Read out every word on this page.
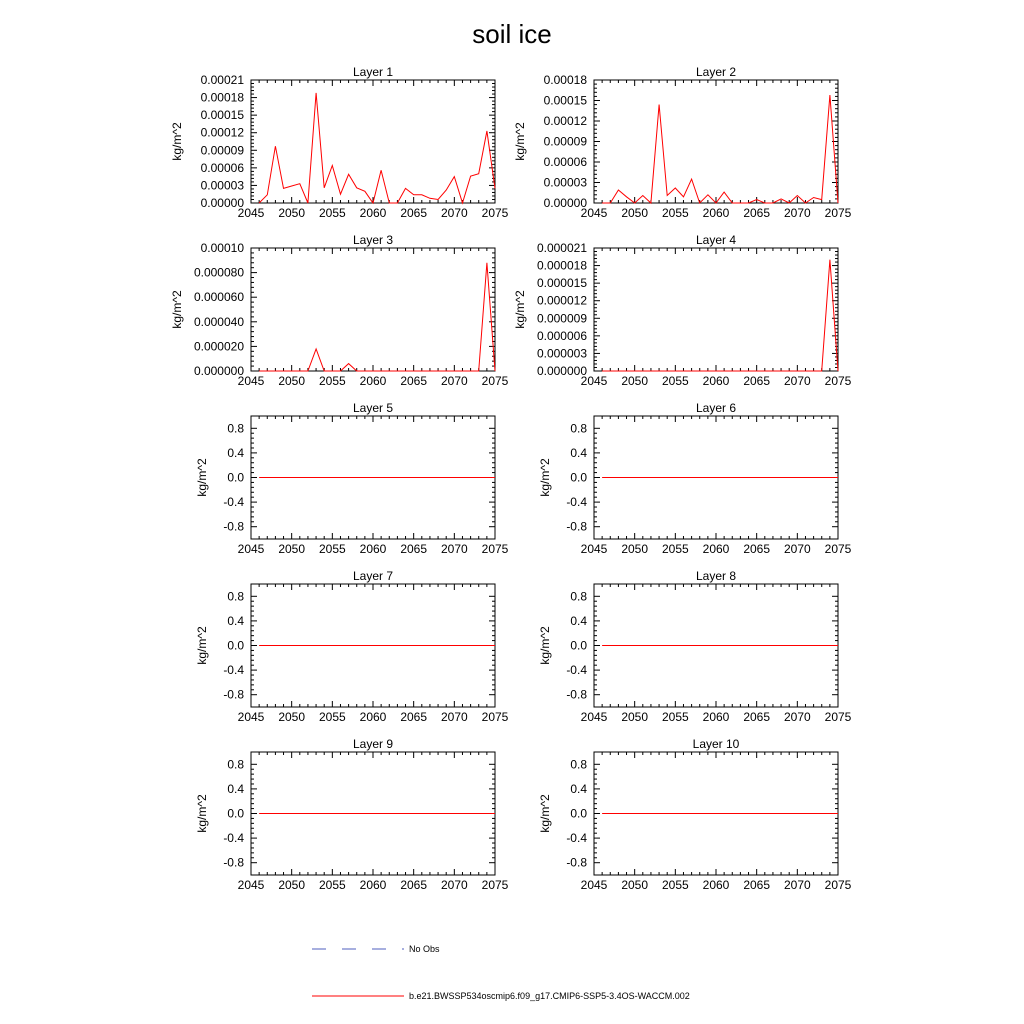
soil ice
Layer 1
2045 2050 2055 2060 2065 2070 2075
0.00000
0.00003
0.00006
0.00009
0.00012
0.00015
0.00018
0.00021
kg/m^2
Layer 2
2045 2050 2055 2060 2065 2070 2075
0.00000
0.00003
0.00006
0.00009
0.00012
0.00015
0.00018
kg/m^2
Layer 3
2045 2050 2055 2060 2065 2070 2075
0.000000
0.000020
0.000040
0.000060
0.000080
0.00010
kg/m^2
Layer 4
2045 2050 2055 2060 2065 2070 2075
0.000000
0.000003
0.000006
0.000009
0.000012
0.000015
0.000018
0.000021
kg/m^2
Layer 5
2045 2050 2055 2060 2065 2070 2075
-0.8
-0.4
0.0
0.4
0.8
kg/m^2
Layer 6
2045 2050 2055 2060 2065 2070 2075
-0.8
-0.4
0.0
0.4
0.8
kg/m^2
Layer 7
2045 2050 2055 2060 2065 2070 2075
-0.8
-0.4
0.0
0.4
0.8
kg/m^2
Layer 8
2045 2050 2055 2060 2065 2070 2075
-0.8
-0.4
0.0
0.4
0.8
kg/m^2
Layer 9
2045 2050 2055 2060 2065 2070 2075
-0.8
-0.4
0.0
0.4
0.8
kg/m^2
Layer 10
2045 2050 2055 2060 2065 2070 2075
-0.8
-0.4
0.0
0.4
0.8
kg/m^2
No Obs
b.e21.BWSSP534oscmip6.f09_g17.CMIP6-SSP5-3.4OS-WACCM.002
